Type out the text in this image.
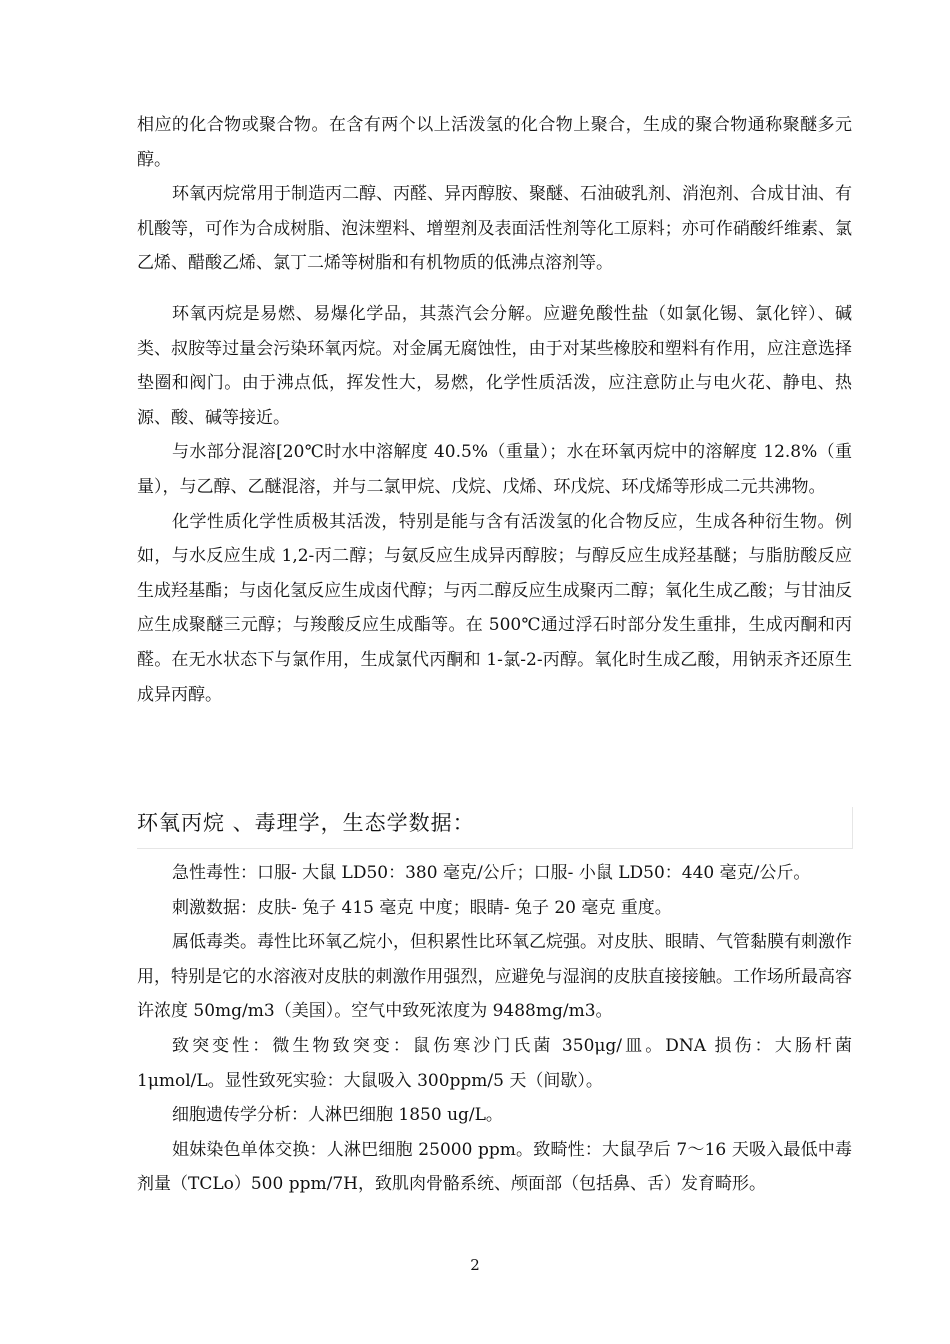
相应的化合物或聚合物。在含有两个以上活泼氢的化合物上聚合，生成的聚合物通称聚醚多元醇。

环氧丙烷常用于制造丙二醇、丙醛、异丙醇胺、聚醚、石油破乳剂、消泡剂、合成甘油、有机酸等，可作为合成树脂、泡沫塑料、增塑剂及表面活性剂等化工原料；亦可作硝酸纤维素、氯乙烯、醋酸乙烯、氯丁二烯等树脂和有机物质的低沸点溶剂等。

环氧丙烷是易燃、易爆化学品，其蒸汽会分解。应避免酸性盐（如氯化锡、氯化锌）、碱类、叔胺等过量会污染环氧丙烷。对金属无腐蚀性，由于对某些橡胶和塑料有作用，应注意选择垫圈和阀门。由于沸点低，挥发性大，易燃，化学性质活泼，应注意防止与电火花、静电、热源、酸、碱等接近。

与水部分混溶[20℃时水中溶解度 40.5%（重量）；水在环氧丙烷中的溶解度 12.8%（重量），与乙醇、乙醚混溶，并与二氯甲烷、戊烷、戊烯、环戊烷、环戊烯等形成二元共沸物。

化学性质化学性质极其活泼，特别是能与含有活泼氢的化合物反应，生成各种衍生物。例如，与水反应生成 1,2-丙二醇；与氨反应生成异丙醇胺；与醇反应生成羟基醚；与脂肪酸反应生成羟基酯；与卤化氢反应生成卤代醇；与丙二醇反应生成聚丙二醇；氧化生成乙酸；与甘油反应生成聚醚三元醇；与羧酸反应生成酯等。在 500℃通过浮石时部分发生重排，生成丙酮和丙醛。在无水状态下与氯作用，生成氯代丙酮和 1-氯-2-丙醇。氧化时生成乙酸，用钠汞齐还原生成异丙醇。

环氧丙烷 、毒理学，生态学数据：

急性毒性：口服- 大鼠 LD50：380 毫克/公斤；口服- 小鼠 LD50：440 毫克/公斤。

刺激数据：皮肤- 兔子 415 毫克 中度；眼睛- 兔子 20 毫克 重度。

属低毒类。毒性比环氧乙烷小，但积累性比环氧乙烷强。对皮肤、眼睛、气管黏膜有刺激作用，特别是它的水溶液对皮肤的刺激作用强烈，应避免与湿润的皮肤直接接触。工作场所最高容许浓度 50mg/m3（美国）。空气中致死浓度为 9488mg/m3。

致突变性：微生物致突变：鼠伤寒沙门氏菌 350μg/皿。DNA 损伤：大肠杆菌 1μmol/L。显性致死实验：大鼠吸入 300ppm/5 天（间歇）。

细胞遗传学分析：人淋巴细胞 1850 ug/L。

姐妹染色单体交换：人淋巴细胞 25000 ppm。致畸性：大鼠孕后 7～16 天吸入最低中毒剂量（TCLo）500 ppm/7H，致肌肉骨骼系统、颅面部（包括鼻、舌）发育畸形。

2
